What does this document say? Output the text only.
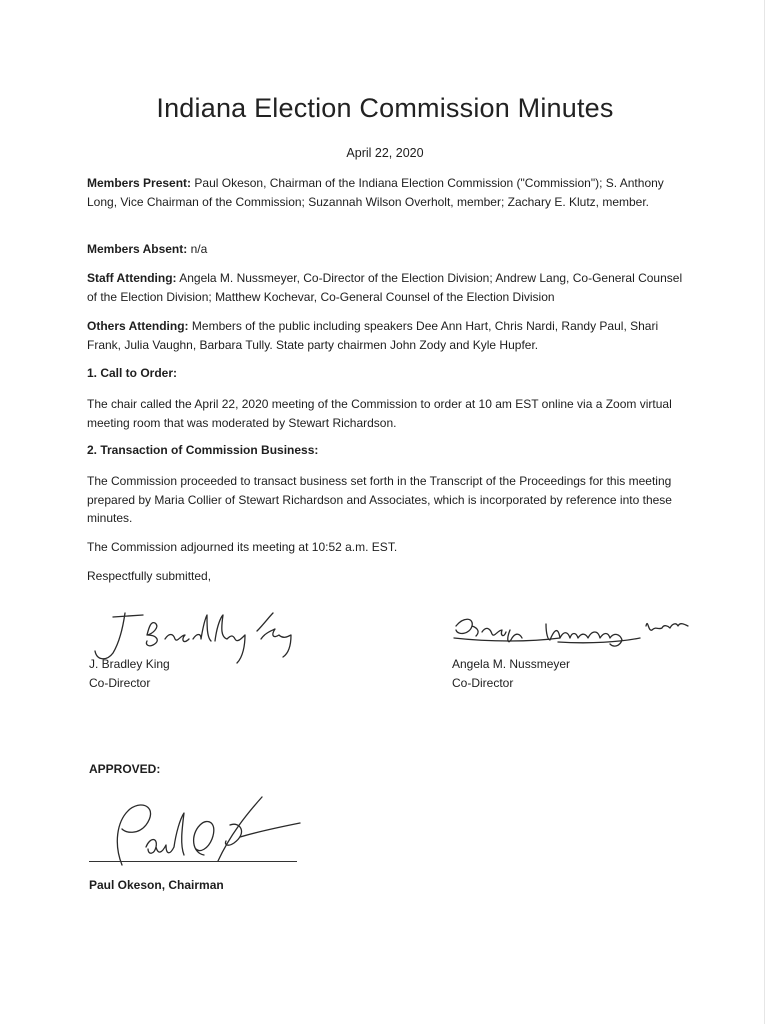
Indiana Election Commission Minutes
April 22, 2020
Members Present: Paul Okeson, Chairman of the Indiana Election Commission ("Commission"); S. Anthony Long, Vice Chairman of the Commission; Suzannah Wilson Overholt, member; Zachary E. Klutz, member.
Members Absent: n/a
Staff Attending: Angela M. Nussmeyer, Co-Director of the Election Division; Andrew Lang, Co-General Counsel of the Election Division; Matthew Kochevar, Co-General Counsel of the Election Division
Others Attending: Members of the public including speakers Dee Ann Hart, Chris Nardi, Randy Paul, Shari Frank, Julia Vaughn, Barbara Tully. State party chairmen John Zody and Kyle Hupfer.
1. Call to Order:
The chair called the April 22, 2020 meeting of the Commission to order at 10 am EST online via a Zoom virtual meeting room that was moderated by Stewart Richardson.
2. Transaction of Commission Business:
The Commission proceeded to transact business set forth in the Transcript of the Proceedings for this meeting prepared by Maria Collier of Stewart Richardson and Associates, which is incorporated by reference into these minutes.
The Commission adjourned its meeting at 10:52 a.m. EST.
Respectfully submitted,
J. Bradley King
Co-Director
Angela M. Nussmeyer
Co-Director
APPROVED:
Paul Okeson, Chairman
